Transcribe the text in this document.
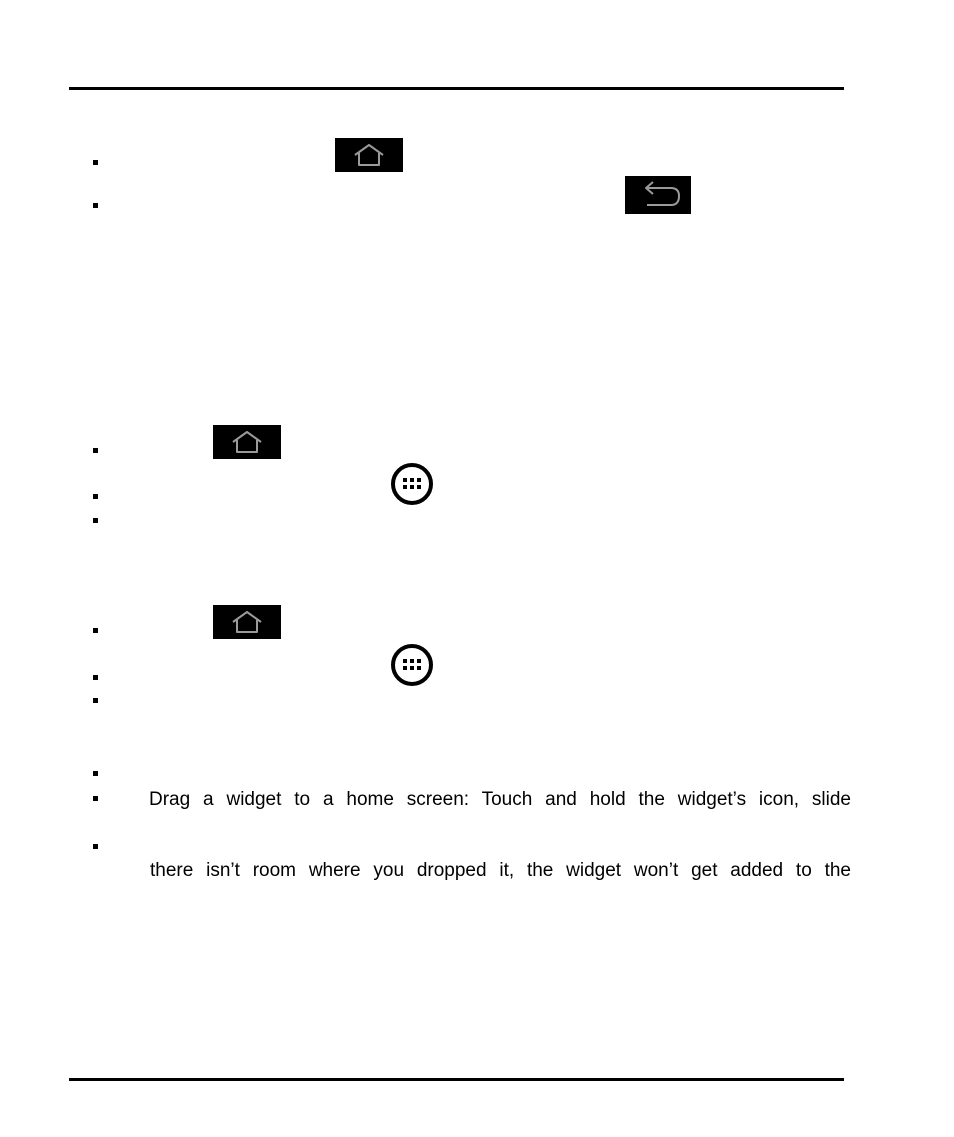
Drag a widget to a home screen: Touch and hold the widget’s icon, slide
there isn’t room where you dropped it, the widget won’t get added to the
